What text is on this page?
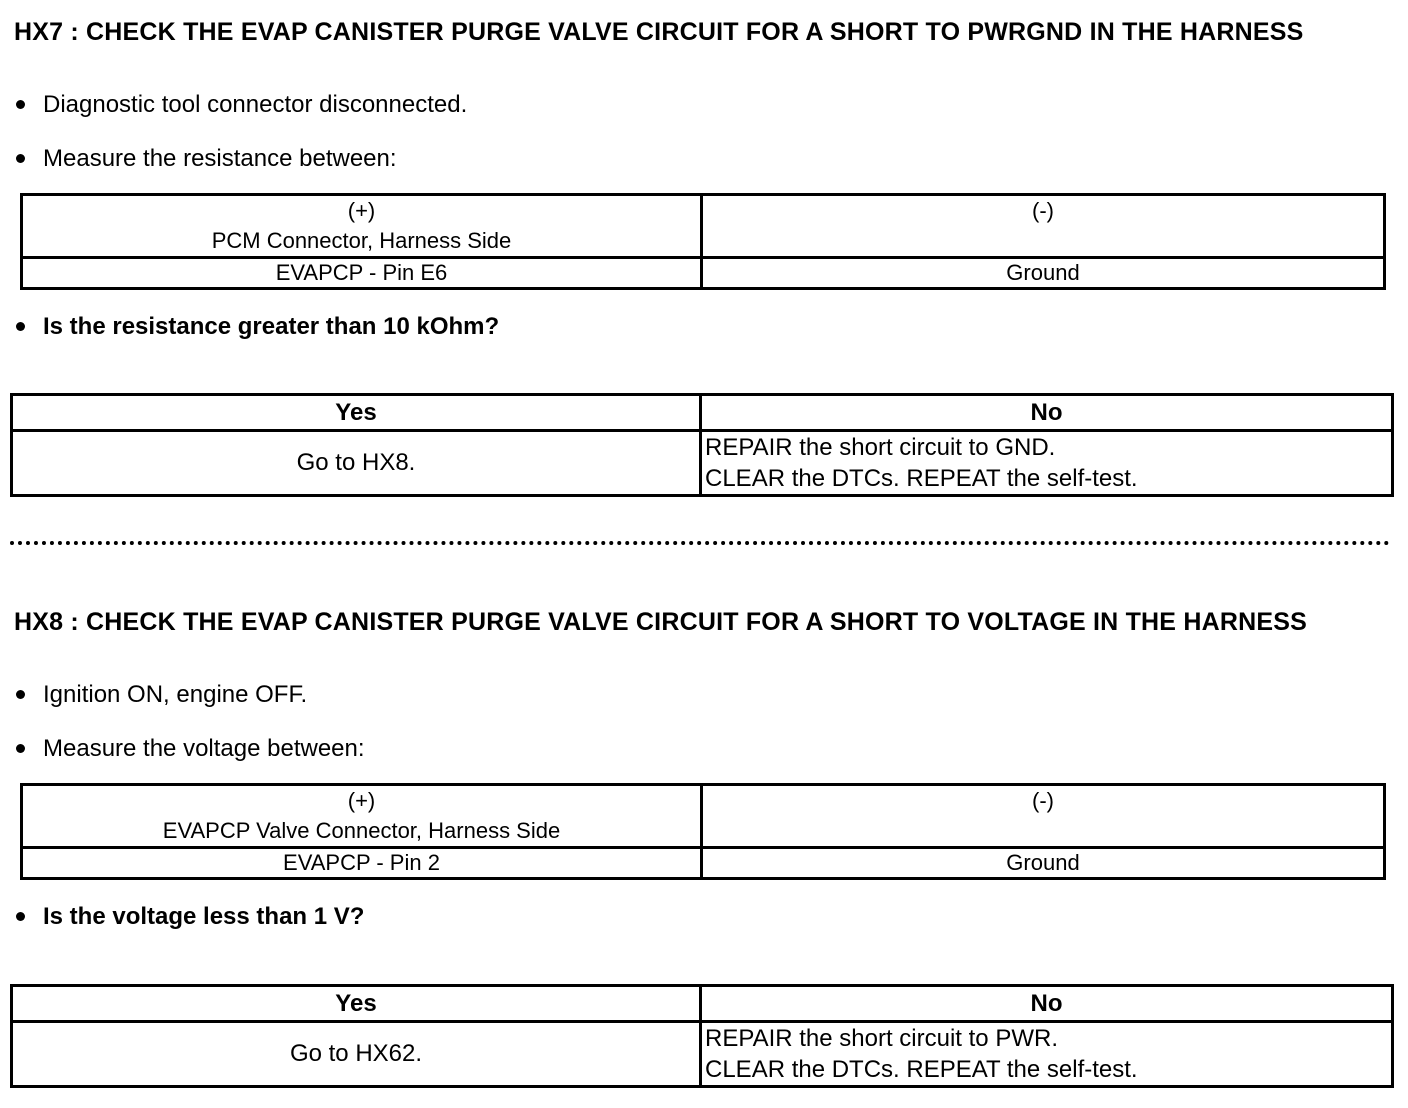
HX7 : CHECK THE EVAP CANISTER PURGE VALVE CIRCUIT FOR A SHORT TO PWRGND IN THE HARNESS
Diagnostic tool connector disconnected.
Measure the resistance between:
(+)
PCM Connector, Harness Side	(-)

EVAPCP - Pin E6	Ground
Is the resistance greater than 10 kOhm?
Yes	No
Go to HX8.	REPAIR the short circuit to GND.
CLEAR the DTCs. REPEAT the self-test.
HX8 : CHECK THE EVAP CANISTER PURGE VALVE CIRCUIT FOR A SHORT TO VOLTAGE IN THE HARNESS
Ignition ON, engine OFF.
Measure the voltage between:
(+)
EVAPCP Valve Connector, Harness Side	(-)

EVAPCP - Pin 2	Ground
Is the voltage less than 1 V?
Yes	No
Go to HX62.	REPAIR the short circuit to PWR.
CLEAR the DTCs. REPEAT the self-test.
